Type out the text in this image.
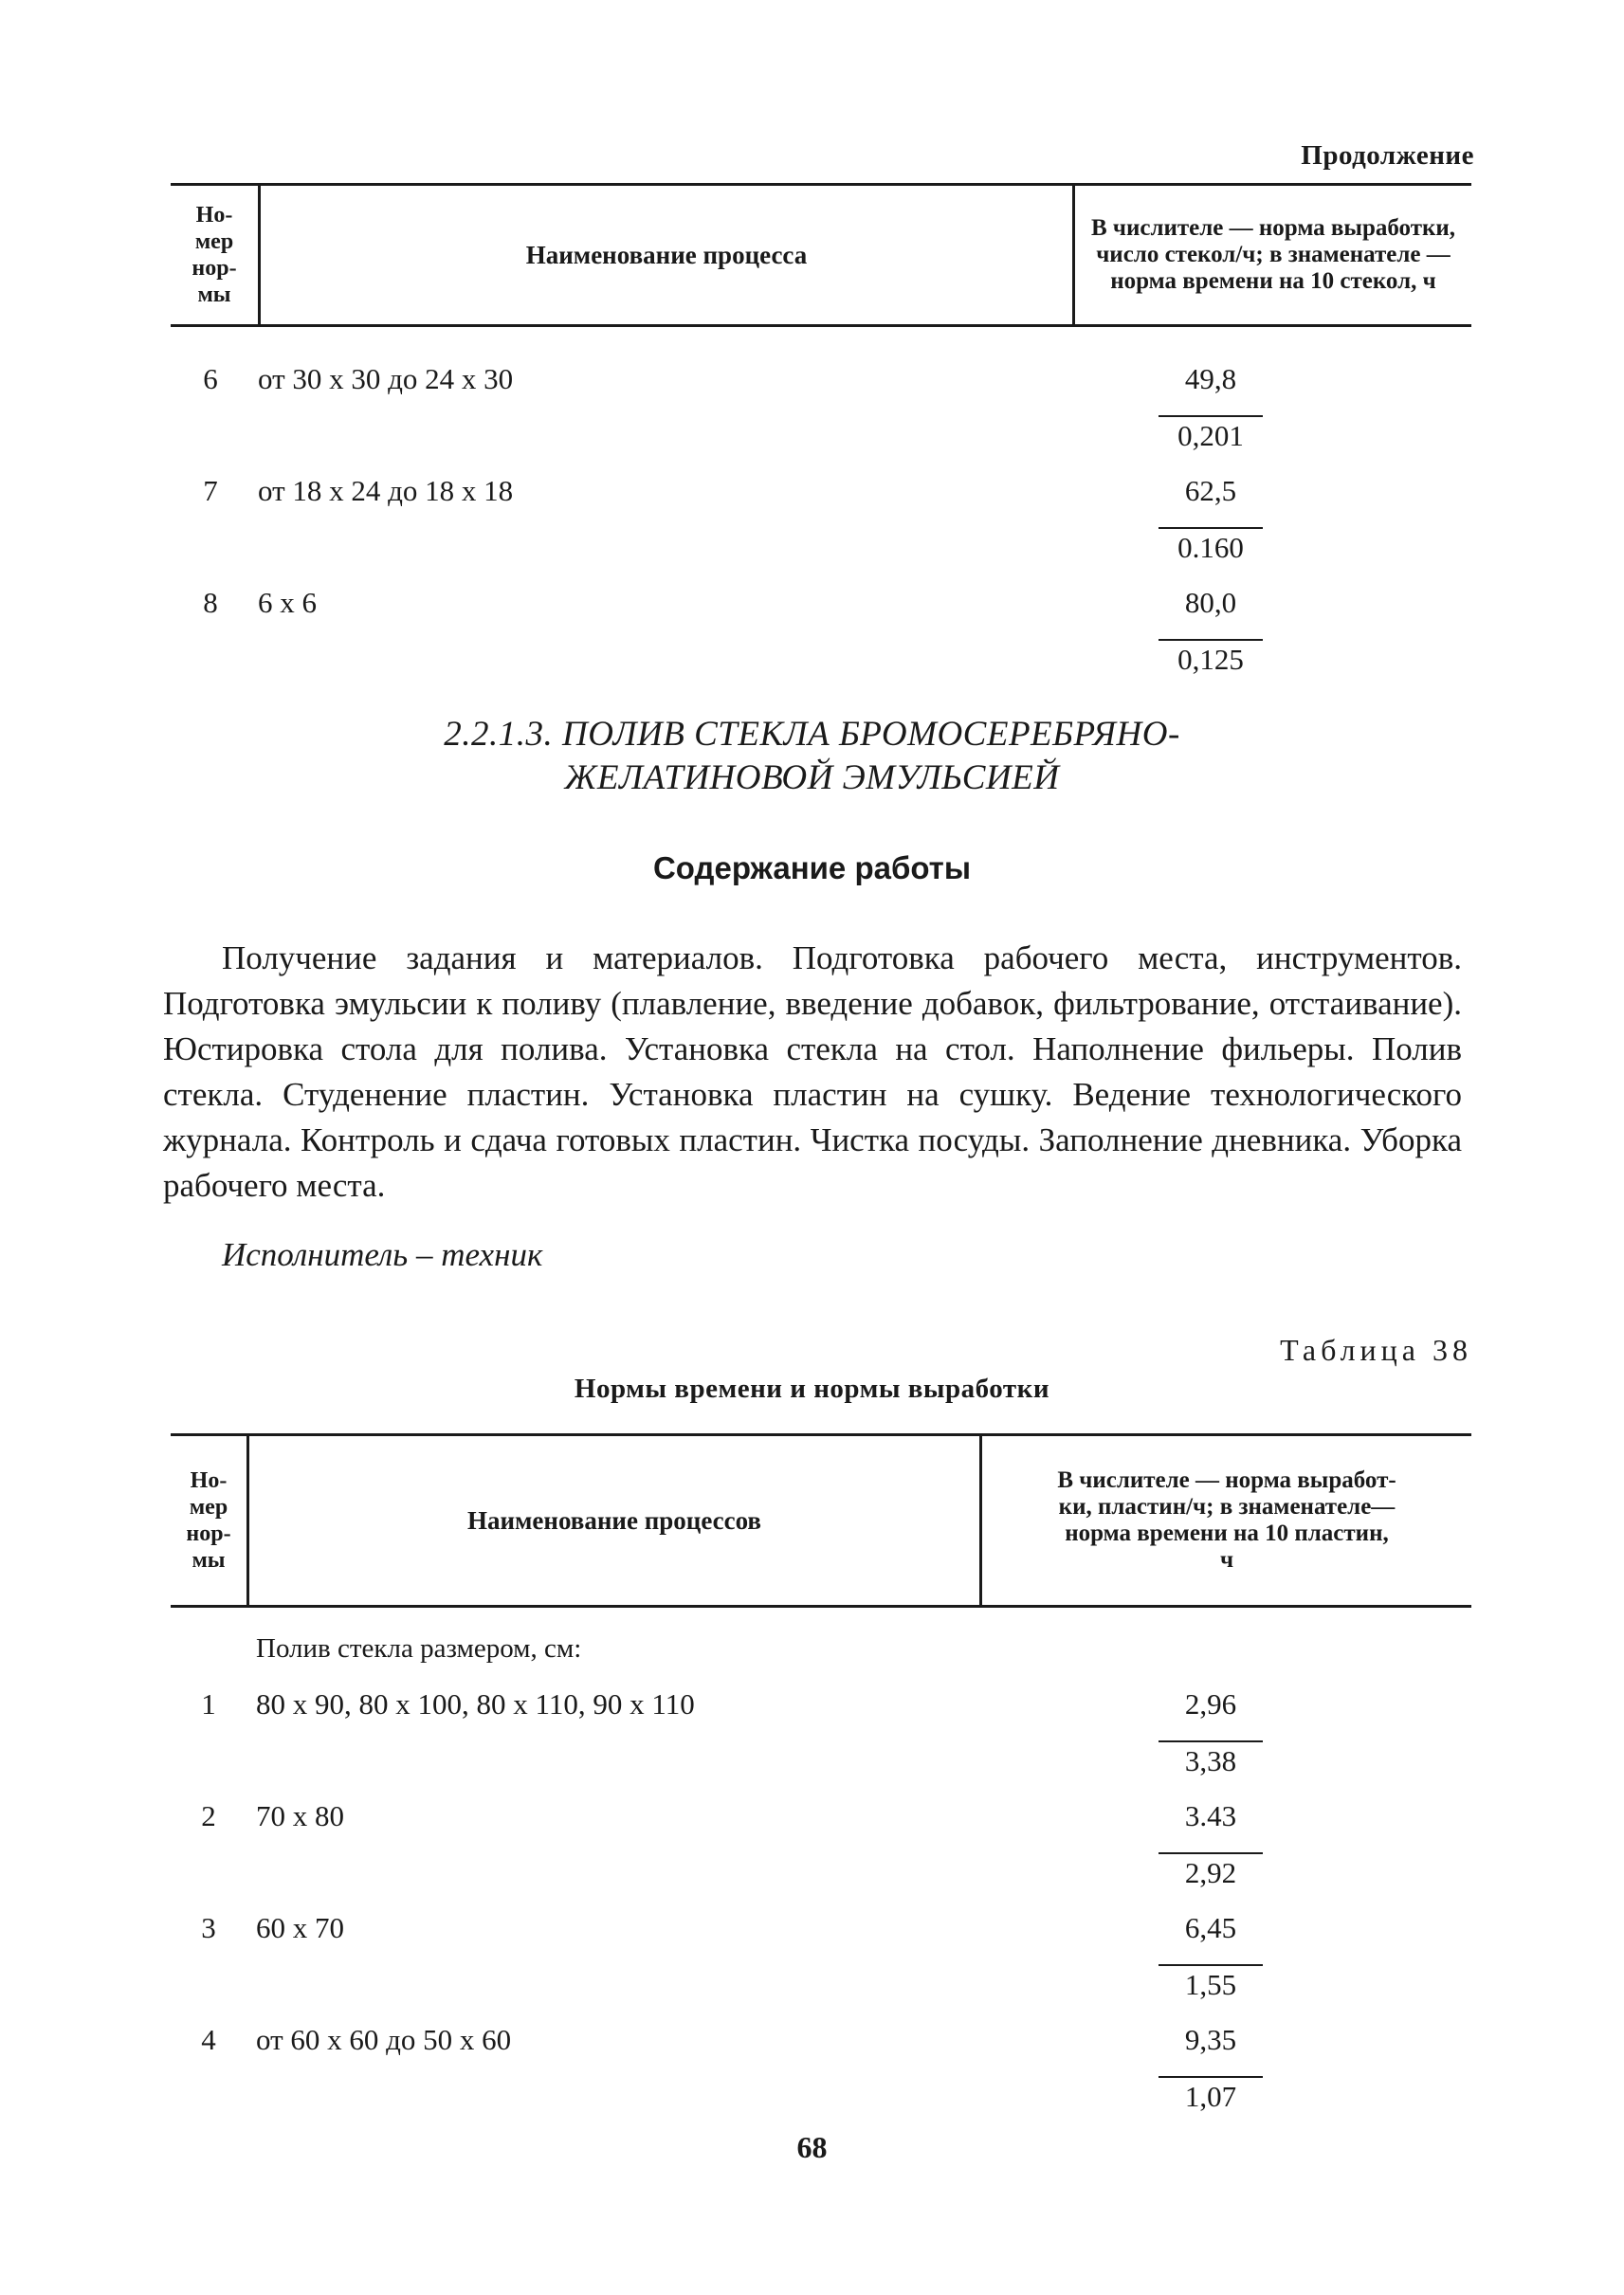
Продолжение
Но-
мер
нор-
мы
Наименование процесса
В числителе — норма выработки,
число стекол/ч; в знаменателе —
норма времени на 10 стекол, ч
6	от 30 х 30 до 24 х 30	$\frac{49,8}{0,201}$
7	от 18 х 24 до 18 х 18	$\frac{62,5}{0.160}$
8	6 х 6	$\frac{80,0}{0,125}$
2.2.1.3. ПОЛИВ СТЕКЛА БРОМОСЕРЕБРЯНО-
ЖЕЛАТИНОВОЙ ЭМУЛЬСИЕЙ
Содержание работы

Получение задания и материалов. Подготовка рабочего места, инструментов. Подготовка эмульсии к поливу (плавление, введение добавок, фильтрование, отстаивание). Юстировка стола для полива. Установка стекла на стол. Наполнение фильеры. Полив стекла. Студенение пластин. Установка пластин на сушку. Ведение технологического журнала. Контроль и сдача готовых пластин. Чистка посуды. Заполнение дневника. Уборка рабочего места.

Исполнитель – техник
Таблица 38
Нормы времени и нормы выработки
Но-
мер
нор-
мы
Наименование процессов
В числителе — норма выработ-
ки, пластин/ч; в знаменателе—
норма времени на 10 пластин,
ч
Полив стекла размером, см:
1	80 х 90, 80 х 100, 80 х 110, 90 х 110	$\frac{2,96}{3,38}$
2	70 х 80	$\frac{3.43}{2,92}$
3	60 х 70	$\frac{6,45}{1,55}$
4	от 60 х 60 до 50 х 60	$\frac{9,35}{1,07}$
68
